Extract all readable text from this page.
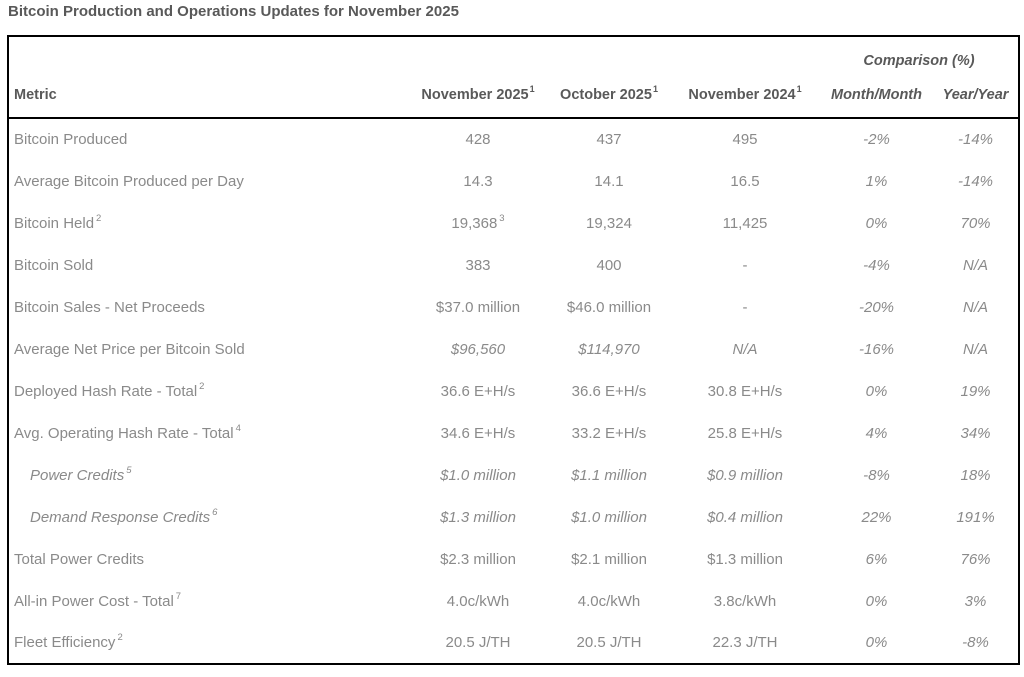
Bitcoin Production and Operations Updates for November 2025
				Comparison (%)	
Metric	November 2025$^1$	October 2025$^1$	November 2024$^1$	Month/Month	Year/Year
Bitcoin Produced	428	437	495	-2%	-14%
Average Bitcoin Produced per Day	14.3	14.1	16.5	1%	-14%
Bitcoin Held $^2$	19,368 $^3$	19,324	11,425	0%	70%
Bitcoin Sold	383	400	-	-4%	N/A
Bitcoin Sales - Net Proceeds	$37.0 million	$46.0 million	-	-20%	N/A
Average Net Price per Bitcoin Sold	$96,560	$114,970	N/A	-16%	N/A
Deployed Hash Rate - Total $^2$	36.6 E+H/s	36.6 E+H/s	30.8 E+H/s	0%	19%
Avg. Operating Hash Rate - Total $^4$	34.6 E+H/s	33.2 E+H/s	25.8 E+H/s	4%	34%
Power Credits $^5$	$1.0 million	$1.1 million	$0.9 million	-8%	18%
Demand Response Credits $^6$	$1.3 million	$1.0 million	$0.4 million	22%	191%
Total Power Credits	$2.3 million	$2.1 million	$1.3 million	6%	76%
All-in Power Cost - Total $^7$	4.0c/kWh	4.0c/kWh	3.8c/kWh	0%	3%
Fleet Efficiency $^2$	20.5 J/TH	20.5 J/TH	22.3 J/TH	0%	-8%
